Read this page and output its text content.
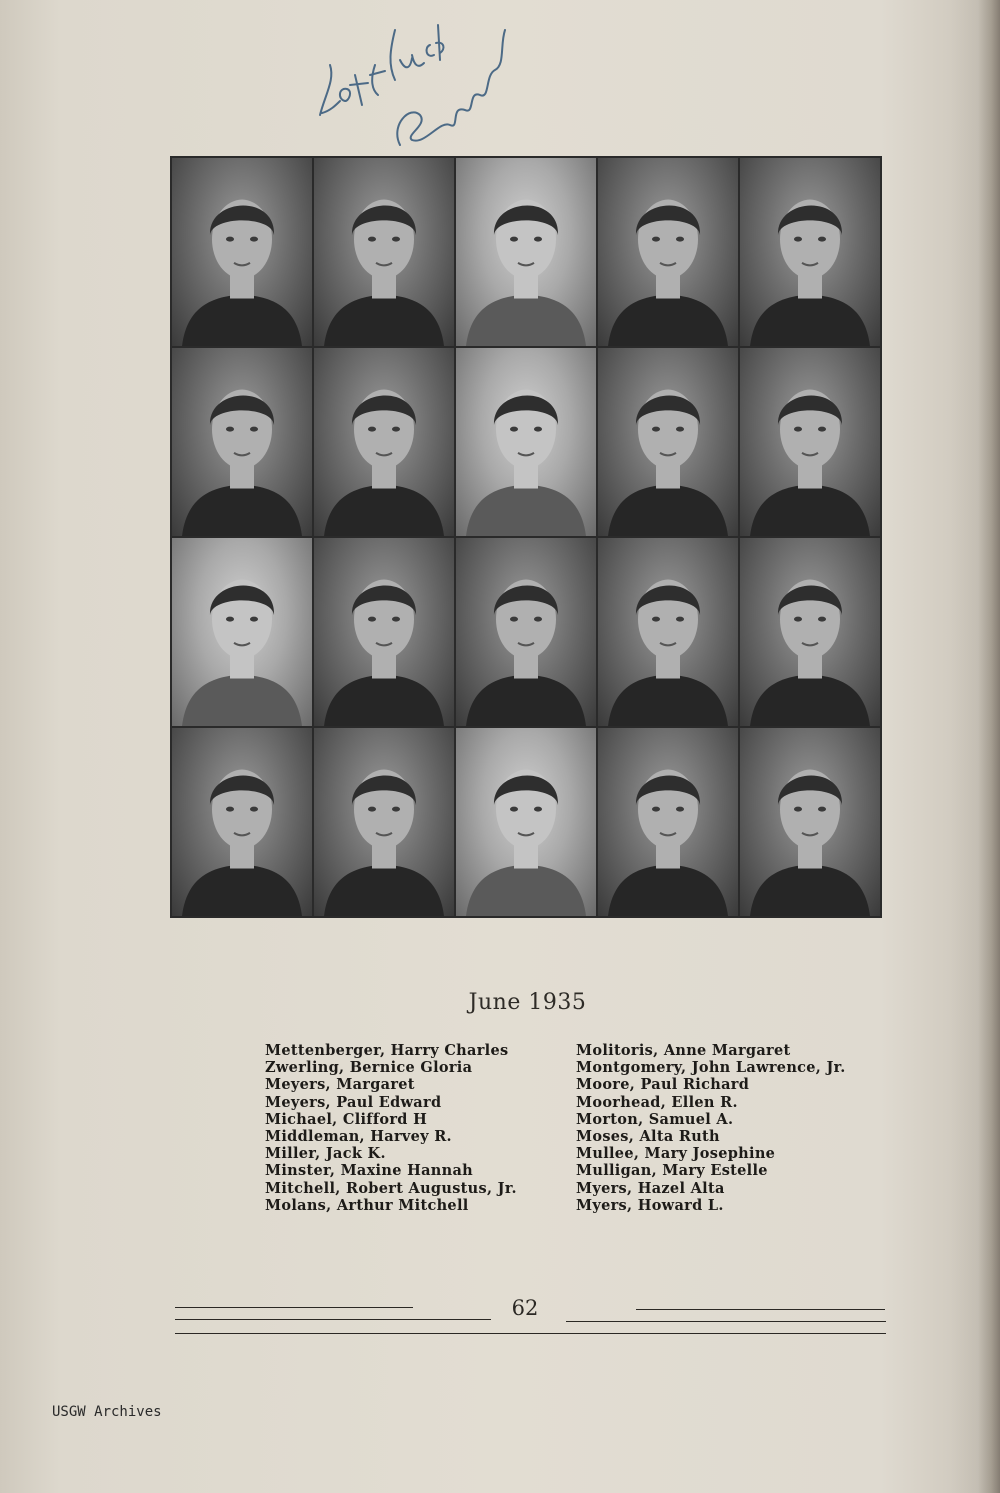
June 1935
Mettenberger, Harry Charles
Zwerling, Bernice Gloria
Meyers, Margaret
Meyers, Paul Edward
Michael, Clifford H
Middleman, Harvey R.
Miller, Jack K.
Minster, Maxine Hannah
Mitchell, Robert Augustus, Jr.
Molans, Arthur Mitchell
Molitoris, Anne Margaret
Montgomery, John Lawrence, Jr.
Moore, Paul Richard
Moorhead, Ellen R.
Morton, Samuel A.
Moses, Alta Ruth
Mullee, Mary Josephine
Mulligan, Mary Estelle
Myers, Hazel Alta
Myers, Howard L.
62
USGW Archives
